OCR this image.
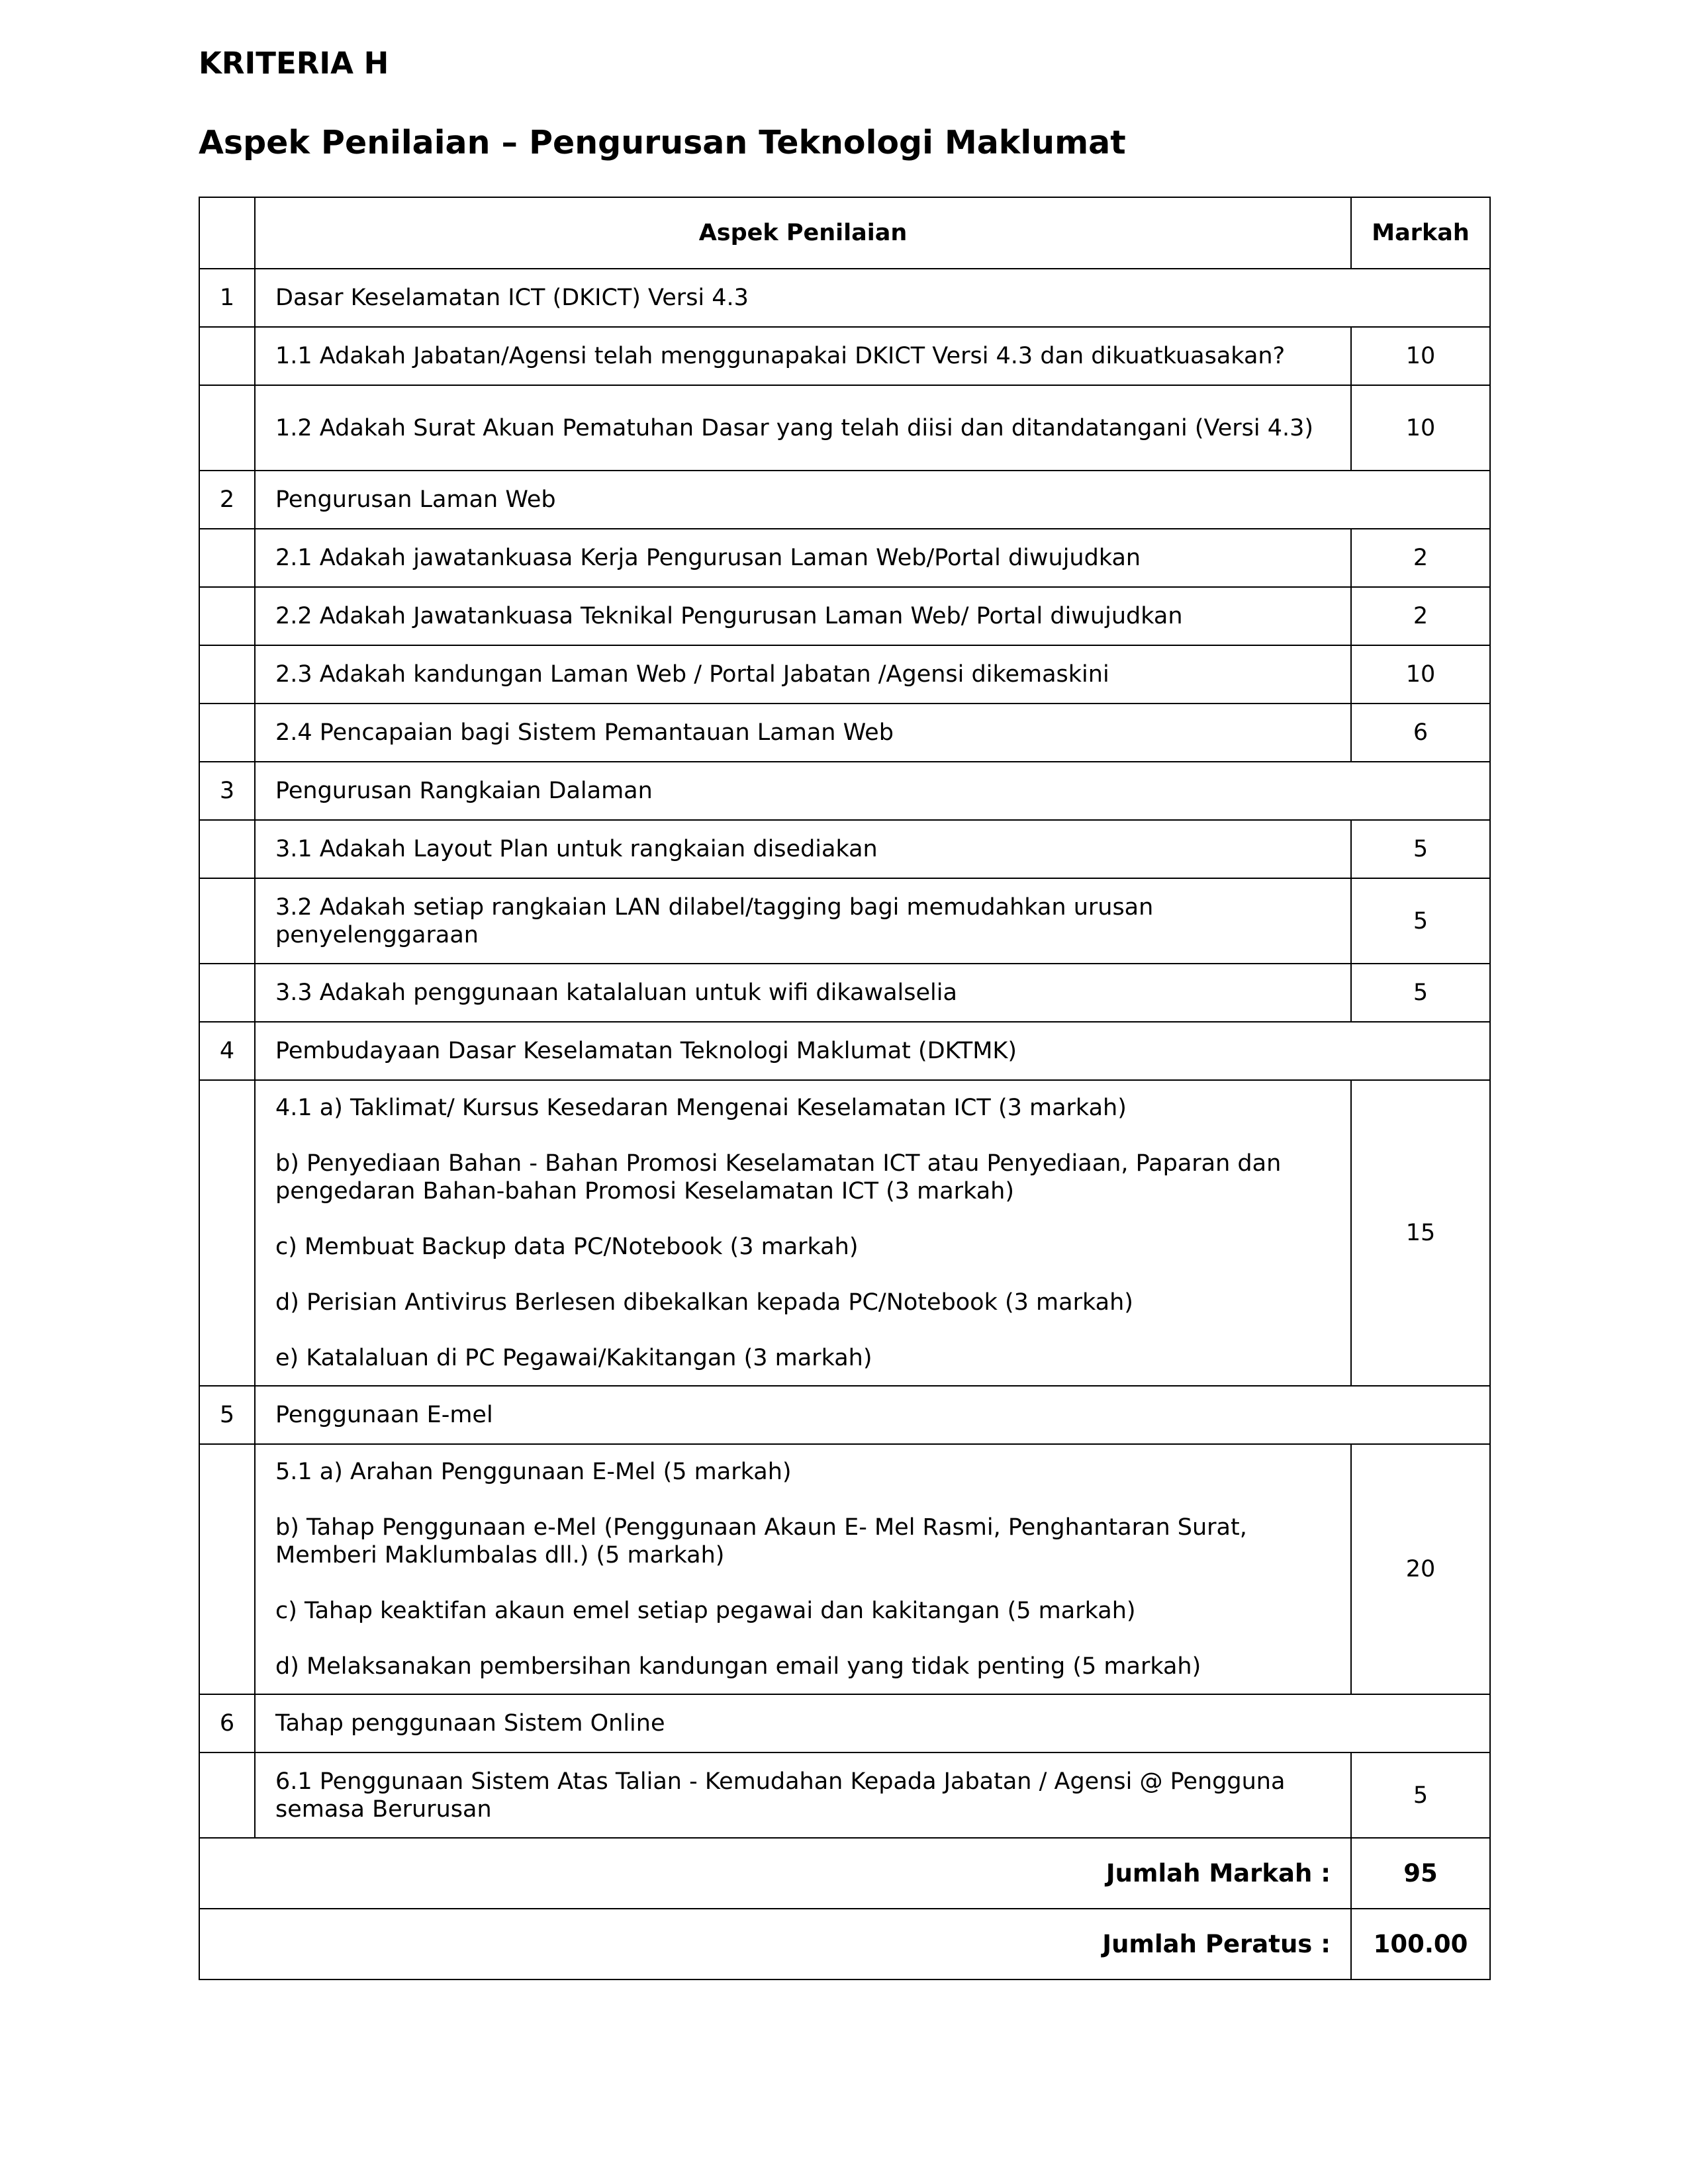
KRITERIA H

Aspek Penilaian – Pengurusan Teknologi Maklumat

	Aspek Penilaian	Markah
1	Dasar Keselamatan ICT (DKICT) Versi 4.3	
	1.1 Adakah Jabatan/Agensi telah menggunapakai DKICT Versi 4.3 dan dikuatkuasakan?	10
	1.2 Adakah Surat Akuan Pematuhan Dasar yang telah diisi dan ditandatangani (Versi 4.3)	10
2	Pengurusan Laman Web	
	2.1 Adakah jawatankuasa Kerja Pengurusan Laman Web/Portal diwujudkan	2
	2.2 Adakah Jawatankuasa Teknikal Pengurusan Laman Web/ Portal diwujudkan	2
	2.3 Adakah kandungan Laman Web / Portal Jabatan /Agensi dikemaskini	10
	2.4 Pencapaian bagi Sistem Pemantauan Laman Web	6
3	Pengurusan Rangkaian Dalaman	
	3.1 Adakah Layout Plan untuk rangkaian disediakan	5
	3.2 Adakah setiap rangkaian LAN dilabel/tagging bagi memudahkan urusan penyelenggaraan	5
	3.3 Adakah penggunaan katalaluan untuk wifi dikawalselia	5
4	Pembudayaan Dasar Keselamatan Teknologi Maklumat (DKTMK)	

	4.1 a) Taklimat/ Kursus Kesedaran Mengenai Keselamatan ICT (3 markah)

b) Penyediaan Bahan - Bahan Promosi Keselamatan ICT atau Penyediaan, Paparan dan pengedaran Bahan-bahan Promosi Keselamatan ICT (3 markah)

c) Membuat Backup data PC/Notebook (3 markah)

d) Perisian Antivirus Berlesen dibekalkan kepada PC/Notebook (3 markah)

e) Katalaluan di PC Pegawai/Kakitangan (3 markah)	15
5	Penggunaan E-mel	

	5.1 a) Arahan Penggunaan E-Mel (5 markah)

b) Tahap Penggunaan e-Mel (Penggunaan Akaun E- Mel Rasmi, Penghantaran Surat, Memberi Maklumbalas dll.) (5 markah)

c) Tahap keaktifan akaun emel setiap pegawai dan kakitangan (5 markah)

d) Melaksanakan pembersihan kandungan email yang tidak penting (5 markah)	20
6	Tahap penggunaan Sistem Online	
	6.1 Penggunaan Sistem Atas Talian - Kemudahan Kepada Jabatan / Agensi @ Pengguna semasa Berurusan	5
Jumlah Markah :		95
Jumlah Peratus :		100.00
